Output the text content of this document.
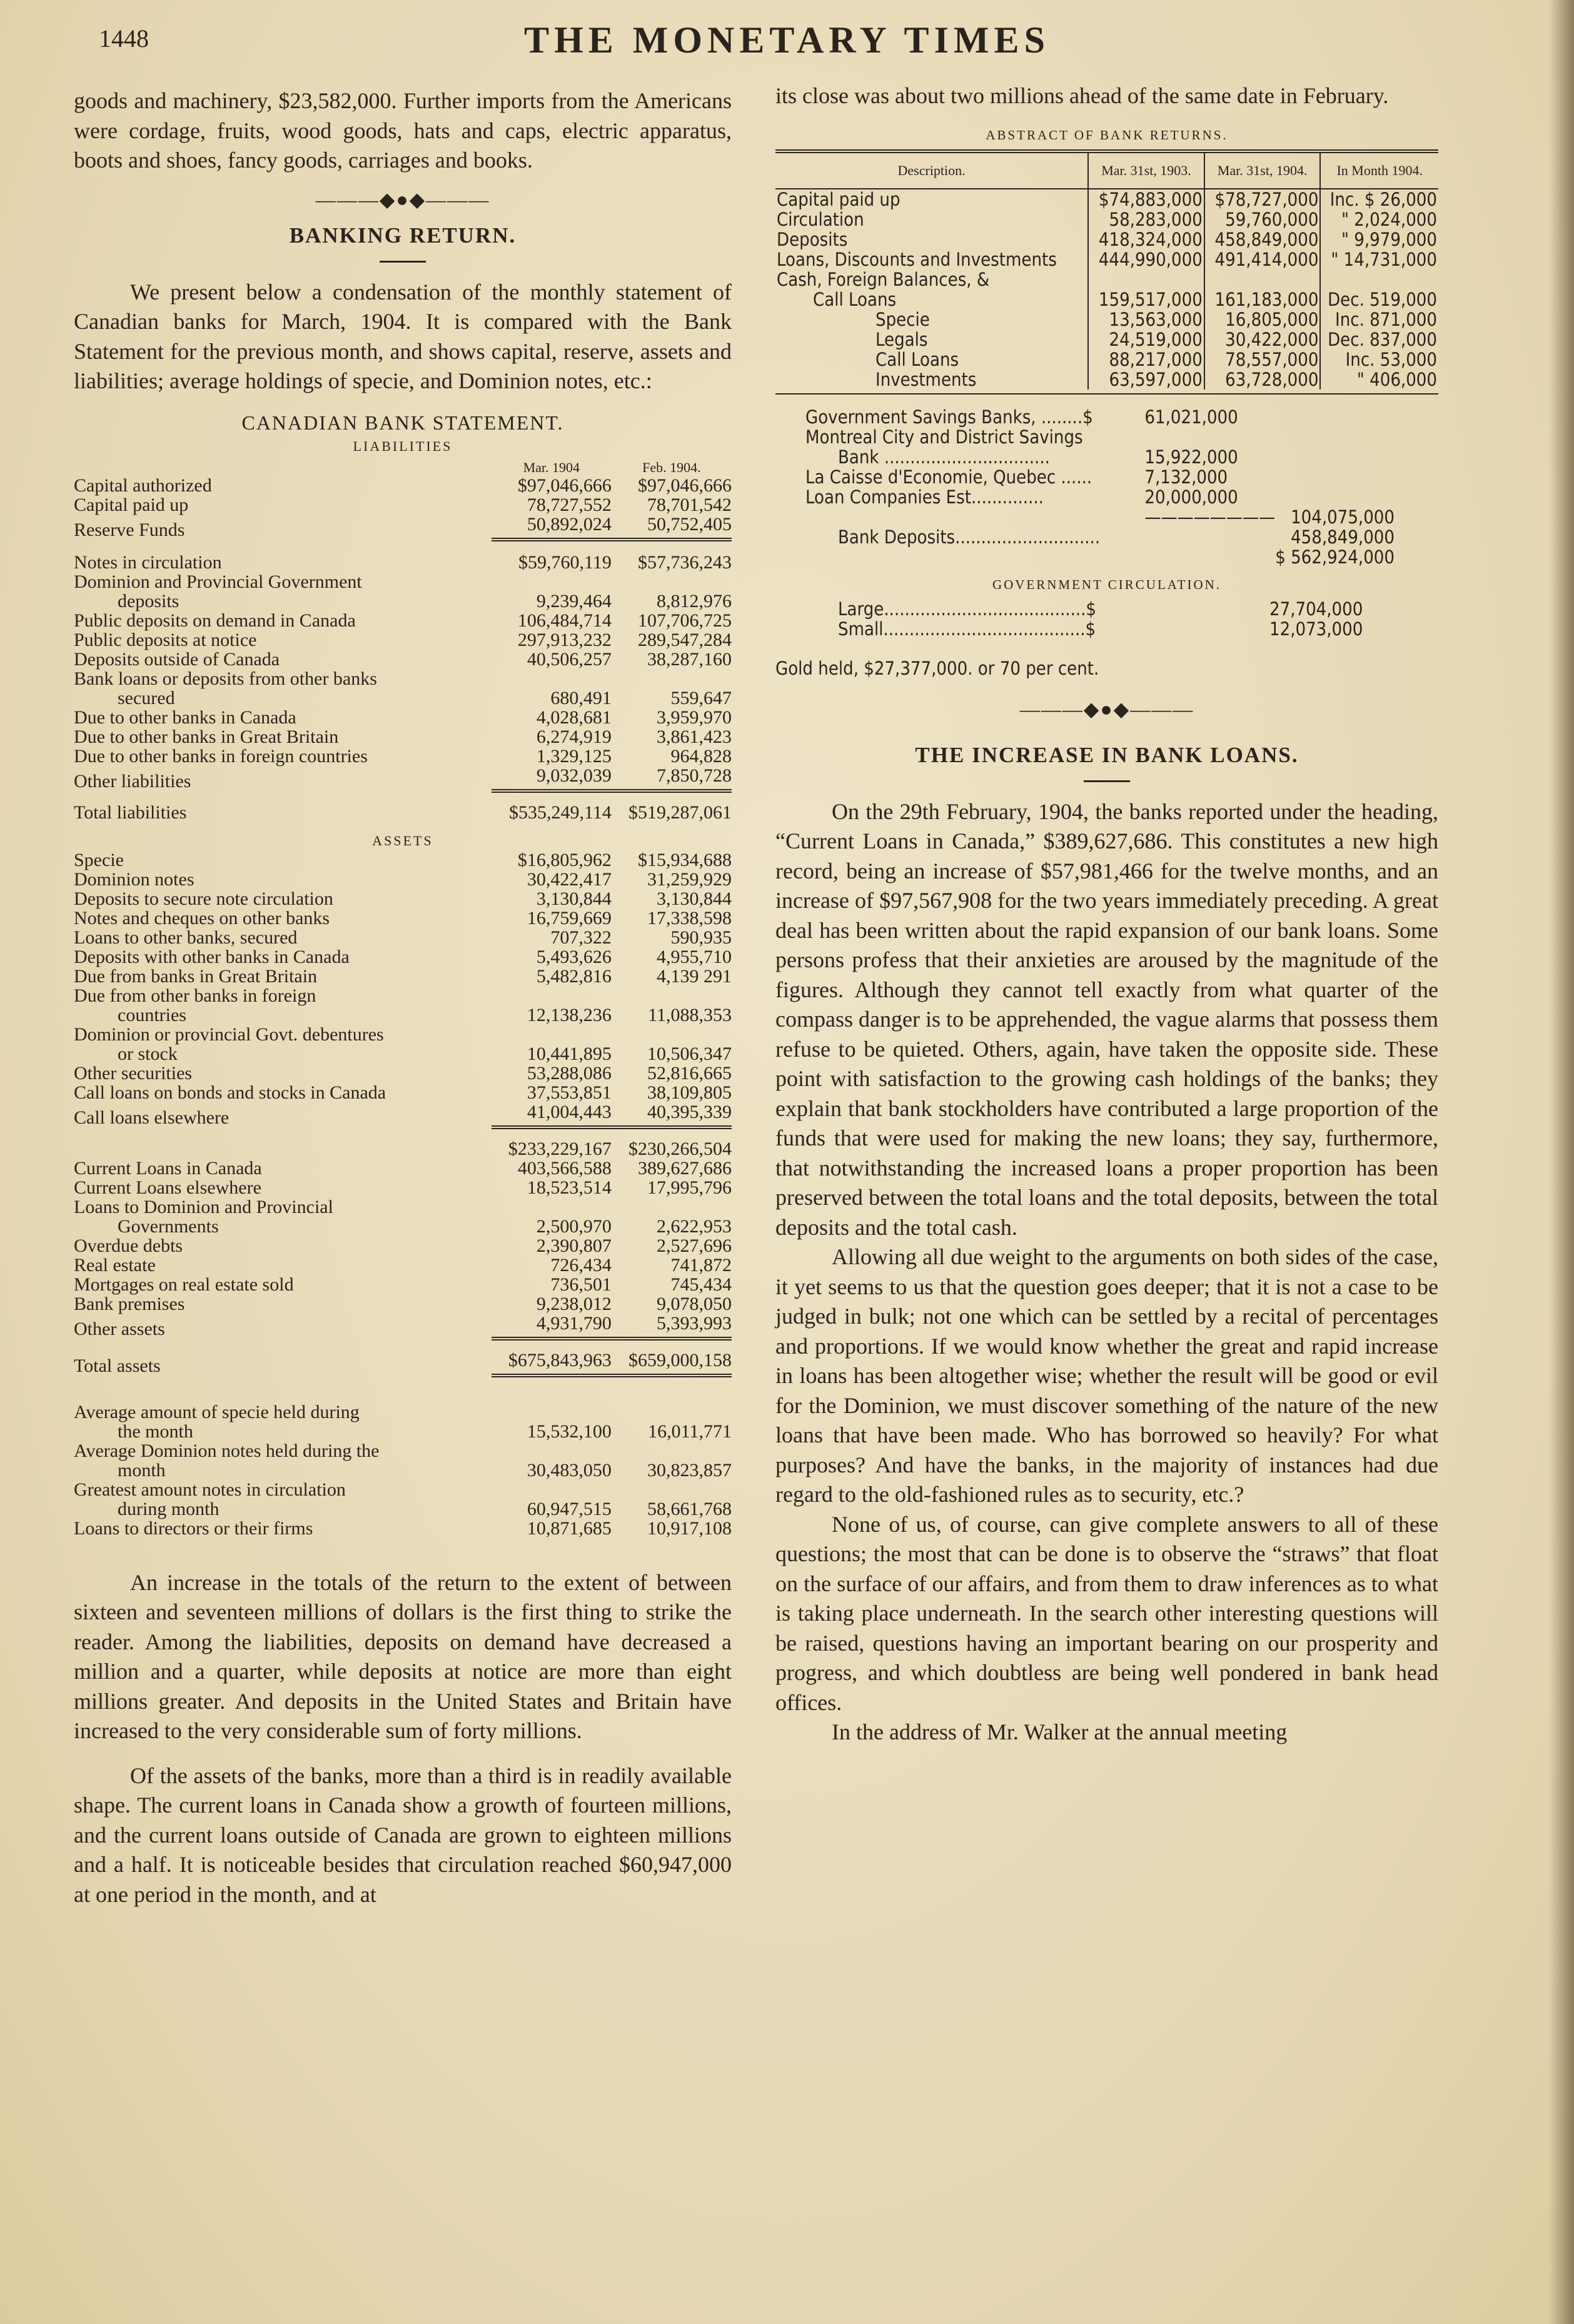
1448	THE MONETARY TIMES

goods and machinery, $23,582,000. Further imports from the Americans were cordage, fruits, wood goods, hats and caps, electric apparatus, boots and shoes, fancy goods, carriages and books.

———◆●◆———
BANKING RETURN.

We present below a condensation of the monthly statement of Canadian banks for March, 1904. It is compared with the Bank Statement for the previous month, and shows capital, reserve, assets and liabilities; average holdings of specie, and Dominion notes, etc.:

CANADIAN BANK STATEMENT.
LIABILITIES
	Mar. 1904	Feb. 1904.
Capital authorized	$97,046,666	$97,046,666
Capital paid up	78,727,552	78,701,542
Reserve Funds	50,892,024	50,752,405

Notes in circulation	$59,760,119	$57,736,243
Dominion and Provincial Government		
deposits	9,239,464	8,812,976
Public deposits on demand in Canada	106,484,714	107,706,725
Public deposits at notice	297,913,232	289,547,284
Deposits outside of Canada	40,506,257	38,287,160
Bank loans or deposits from other banks		
secured	680,491	559,647
Due to other banks in Canada	4,028,681	3,959,970
Due to other banks in Great Britain	6,274,919	3,861,423
Due to other banks in foreign countries	1,329,125	964,828
Other liabilities	9,032,039	7,850,728
Total liabilities	$535,249,114	$519,287,061
ASSETS		
Specie	$16,805,962	$15,934,688
Dominion notes	30,422,417	31,259,929
Deposits to secure note circulation	3,130,844	3,130,844
Notes and cheques on other banks	16,759,669	17,338,598
Loans to other banks, secured	707,322	590,935
Deposits with other banks in Canada	5,493,626	4,955,710
Due from banks in Great Britain	5,482,816	4,139 291
Due from other banks in foreign		
countries	12,138,236	11,088,353
Dominion or provincial Govt. debentures		
or stock	10,441,895	10,506,347
Other securities	53,288,086	52,816,665
Call loans on bonds and stocks in Canada	37,553,851	38,109,805
Call loans elsewhere	41,004,443	40,395,339
	$233,229,167	$230,266,504
Current Loans in Canada	403,566,588	389,627,686
Current Loans elsewhere	18,523,514	17,995,796
Loans to Dominion and Provincial		
Governments	2,500,970	2,622,953
Overdue debts	2,390,807	2,527,696
Real estate	726,434	741,872
Mortgages on real estate sold	736,501	745,434
Bank premises	9,238,012	9,078,050
Other assets	4,931,790	5,393,993
Total assets	$675,843,963	$659,000,158

Average amount of specie held during		
the month	15,532,100	16,011,771
Average Dominion notes held during the		
month	30,483,050	30,823,857
Greatest amount notes in circulation		
during month	60,947,515	58,661,768
Loans to directors or their firms	10,871,685	10,917,108

An increase in the totals of the return to the extent of between sixteen and seventeen millions of dollars is the first thing to strike the reader. Among the liabilities, deposits on demand have decreased a million and a quarter, while deposits at notice are more than eight millions greater. And deposits in the United States and Britain have increased to the very considerable sum of forty millions.

Of the assets of the banks, more than a third is in readily available shape. The current loans in Canada show a growth of fourteen millions, and the current loans outside of Canada are grown to eighteen millions and a half. It is noticeable besides that circulation reached $60,947,000 at one period in the month, and at

its close was about two millions ahead of the same date in February.

ABSTRACT OF BANK RETURNS.
Description.	Mar. 31st, 1903.	Mar. 31st, 1904.	In Month 1904.
Capital paid up	$74,883,000	$78,727,000	Inc. $ 26,000
Circulation	58,283,000	59,760,000	" 2,024,000
Deposits	418,324,000	458,849,000	" 9,979,000
Loans, Discounts and Investments	444,990,000	491,414,000	" 14,731,000
Cash, Foreign Balances, &			
Call Loans	159,517,000	161,183,000	Dec. 519,000
Specie	13,563,000	16,805,000	Inc. 871,000
Legals	24,519,000	30,422,000	Dec. 837,000
Call Loans	88,217,000	78,557,000	Inc. 53,000
Investments	63,597,000	63,728,000	" 406,000
Government Savings Banks, ........$	61,021,000	
Montreal City and District Savings		
Bank ................................	15,922,000	
La Caisse d'Economie, Quebec ......	7,132,000	
Loan Companies Est..............	20,000,000	
	————————	104,075,000
Bank Deposits............................		458,849,000
		$ 562,924,000
GOVERNMENT CIRCULATION.
Large.......................................$	27,704,000
Small.......................................$	12,073,000
Gold held, $27,377,000. or 70 per cent.
———◆●◆———
THE INCREASE IN BANK LOANS.

On the 29th February, 1904, the banks reported under the heading, “Current Loans in Canada,” $389,627,686. This constitutes a new high record, being an increase of $57,981,466 for the twelve months, and an increase of $97,567,908 for the two years immediately preceding. A great deal has been written about the rapid expansion of our bank loans. Some persons profess that their anxieties are aroused by the magnitude of the figures. Although they cannot tell exactly from what quarter of the compass danger is to be apprehended, the vague alarms that possess them refuse to be quieted. Others, again, have taken the opposite side. These point with satisfaction to the growing cash holdings of the banks; they explain that bank stockholders have contributed a large proportion of the funds that were used for making the new loans; they say, furthermore, that notwithstanding the increased loans a proper proportion has been preserved between the total loans and the total deposits, between the total deposits and the total cash.

Allowing all due weight to the arguments on both sides of the case, it yet seems to us that the question goes deeper; that it is not a case to be judged in bulk; not one which can be settled by a recital of percentages and proportions. If we would know whether the great and rapid increase in loans has been altogether wise; whether the result will be good or evil for the Dominion, we must discover something of the nature of the new loans that have been made. Who has borrowed so heavily? For what purposes? And have the banks, in the majority of instances had due regard to the old-fashioned rules as to security, etc.?

None of us, of course, can give complete answers to all of these questions; the most that can be done is to observe the “straws” that float on the surface of our affairs, and from them to draw inferences as to what is taking place underneath. In the search other interesting questions will be raised, questions having an important bearing on our prosperity and progress, and which doubtless are being well pondered in bank head offices.

In the address of Mr. Walker at the annual meeting
